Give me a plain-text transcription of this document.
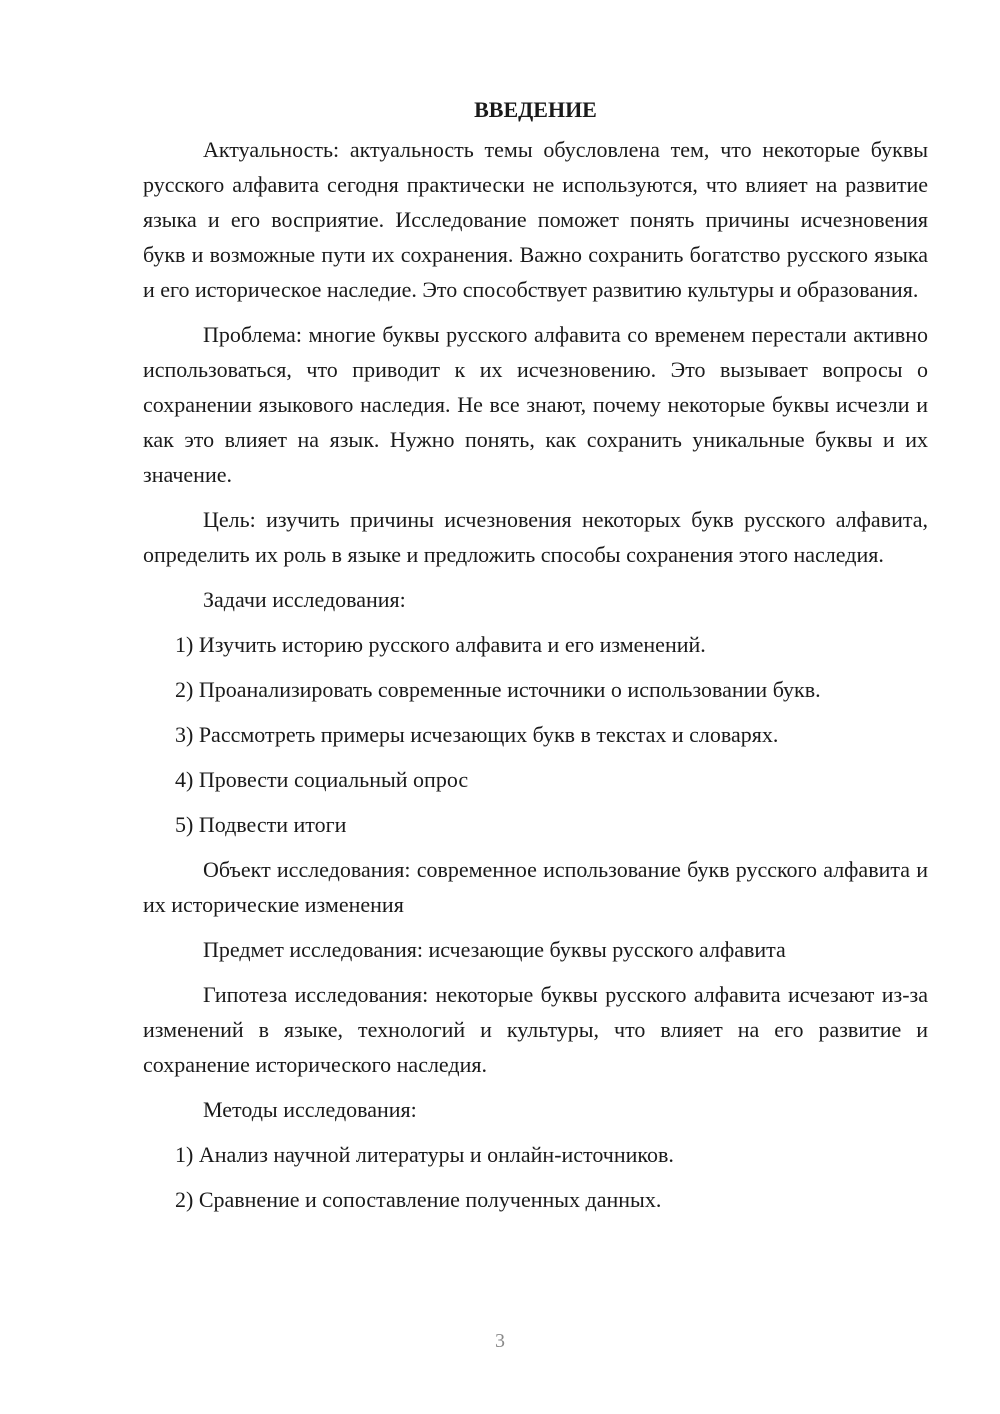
ВВЕДЕНИЕ

Актуальность: актуальность темы обусловлена тем, что некоторые буквы русского алфавита сегодня практически не используются, что влияет на развитие языка и его восприятие. Исследование поможет понять причины исчезновения букв и возможные пути их сохранения. Важно сохранить богатство русского языка и его историческое наследие. Это способствует развитию культуры и образования.

Проблема: многие буквы русского алфавита со временем перестали активно использоваться, что приводит к их исчезновению. Это вызывает вопросы о сохранении языкового наследия. Не все знают, почему некоторые буквы исчезли и как это влияет на язык. Нужно понять, как сохранить уникальные буквы и их значение.

Цель: изучить причины исчезновения некоторых букв русского алфавита, определить их роль в языке и предложить способы сохранения этого наследия.

Задачи исследования:

1) Изучить историю русского алфавита и его изменений.

2) Проанализировать современные источники о использовании букв.

3) Рассмотреть примеры исчезающих букв в текстах и словарях.

4) Провести социальный опрос

5) Подвести итоги

Объект исследования: современное использование букв русского алфавита и их исторические изменения

Предмет исследования: исчезающие буквы русского алфавита

Гипотеза исследования: некоторые буквы русского алфавита исчезают из-за изменений в языке, технологий и культуры, что влияет на его развитие и сохранение исторического наследия.

Методы исследования:

1) Анализ научной литературы и онлайн-источников.

2) Сравнение и сопоставление полученных данных.

3
